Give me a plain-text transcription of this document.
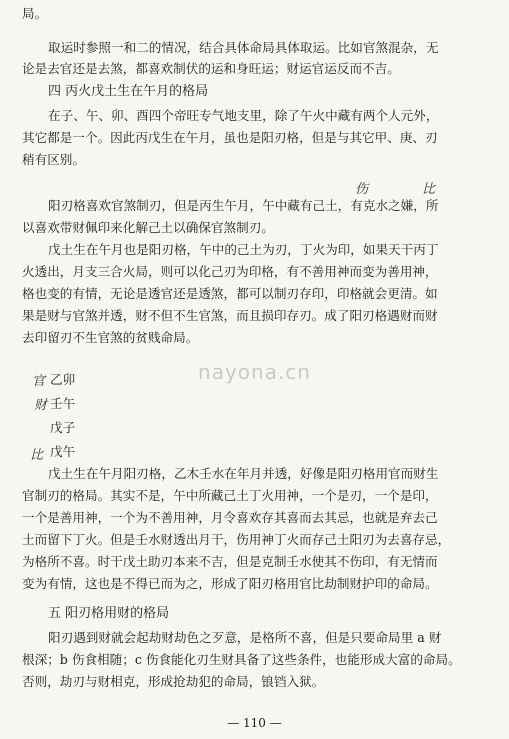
局。
取运时参照一和二的情况，结合具体命局具体取运。比如官煞混杂，无
论是去官还是去煞，都喜欢制伏的运和身旺运；财运官运反而不吉。
四 丙火戊土生在午月的格局
在子、午、卯、酉四个帝旺专气地支里，除了午火中藏有两个人元外，
其它都是一个。因此丙戊生在午月，虽也是阳刃格，但是与其它甲、庚、刃
稍有区别。
阳刃格喜欢官煞制刃，但是丙生午月，午中藏有己土，有克水之嫌，所
以喜欢带财佩印来化解己土以确保官煞制刃。
戊土生在午月也是阳刃格，午中的己土为刃，丁火为印，如果天干丙丁
火透出，月支三合火局，则可以化己刃为印格，有不善用神而变为善用神，
格也变的有情，无论是透官还是透煞，都可以制刃存印，印格就会更清。如
果是财与官煞并透，财不但不生官煞，而且损印存刃。成了阳刃格遇财而财
去印留刃不生官煞的贫贱命局。
乙卯
壬午
戊子
戊午
戊土生在午月阳刃格，乙木壬水在年月并透，好像是阳刃格用官而财生
官制刃的格局。其实不是，午中所藏己土丁火用神，一个是刃，一个是印，
一个是善用神，一个为不善用神，月令喜欢存其喜而去其忌，也就是弃去己
土而留下丁火。但是壬水财透出月干，伤用神丁火而存己土阳刃为去喜存忌，
为格所不喜。时干戊土助刃本来不吉，但是克制壬水使其不伤印，有无情而
变为有情，这也是不得已而为之，形成了阳刃格用官比劫制财护印的命局。
五 阳刃格用财的格局
阳刃遇到财就会起劫财劫色之歹意，是格所不喜，但是只要命局里 a 财
根深；b 伤食相随；c 伤食能化刃生财具备了这些条件，也能形成大富的命局。
否则，劫刃与财相克，形成抢劫犯的命局，锒铛入狱。
官
财
比
伤	比
nayona.cn
— 110 —
